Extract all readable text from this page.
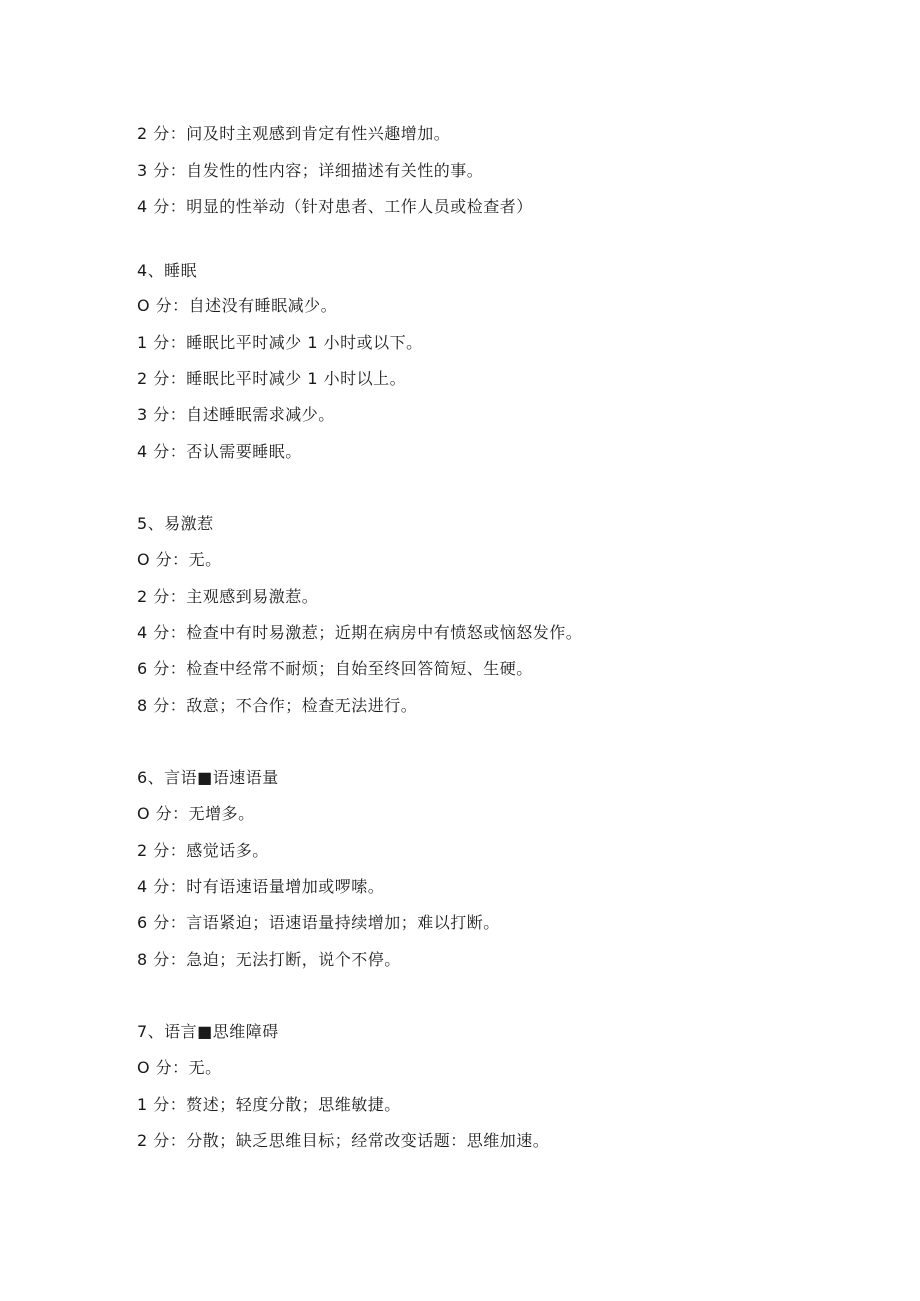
2 分：问及时主观感到肯定有性兴趣增加。
3 分：自发性的性内容；详细描述有关性的事。
4 分：明显的性举动（针对患者、工作人员或检查者）
4、睡眠
O 分：自述没有睡眠减少。
1 分：睡眠比平时减少 1 小时或以下。
2 分：睡眠比平时减少 1 小时以上。
3 分：自述睡眠需求减少。
4 分：否认需要睡眠。
5、易激惹
O 分：无。
2 分：主观感到易激惹。
4 分：检查中有时易激惹；近期在病房中有愤怒或恼怒发作。
6 分：检查中经常不耐烦；自始至终回答简短、生硬。
8 分：敌意；不合作；检查无法进行。
6、言语■语速语量
O 分：无增多。
2 分：感觉话多。
4 分：时有语速语量增加或啰嗦。
6 分：言语紧迫；语速语量持续增加；难以打断。
8 分：急迫；无法打断，说个不停。
7、语言■思维障碍
O 分：无。
1 分：赘述；轻度分散；思维敏捷。
2 分：分散；缺乏思维目标；经常改变话题：思维加速。
